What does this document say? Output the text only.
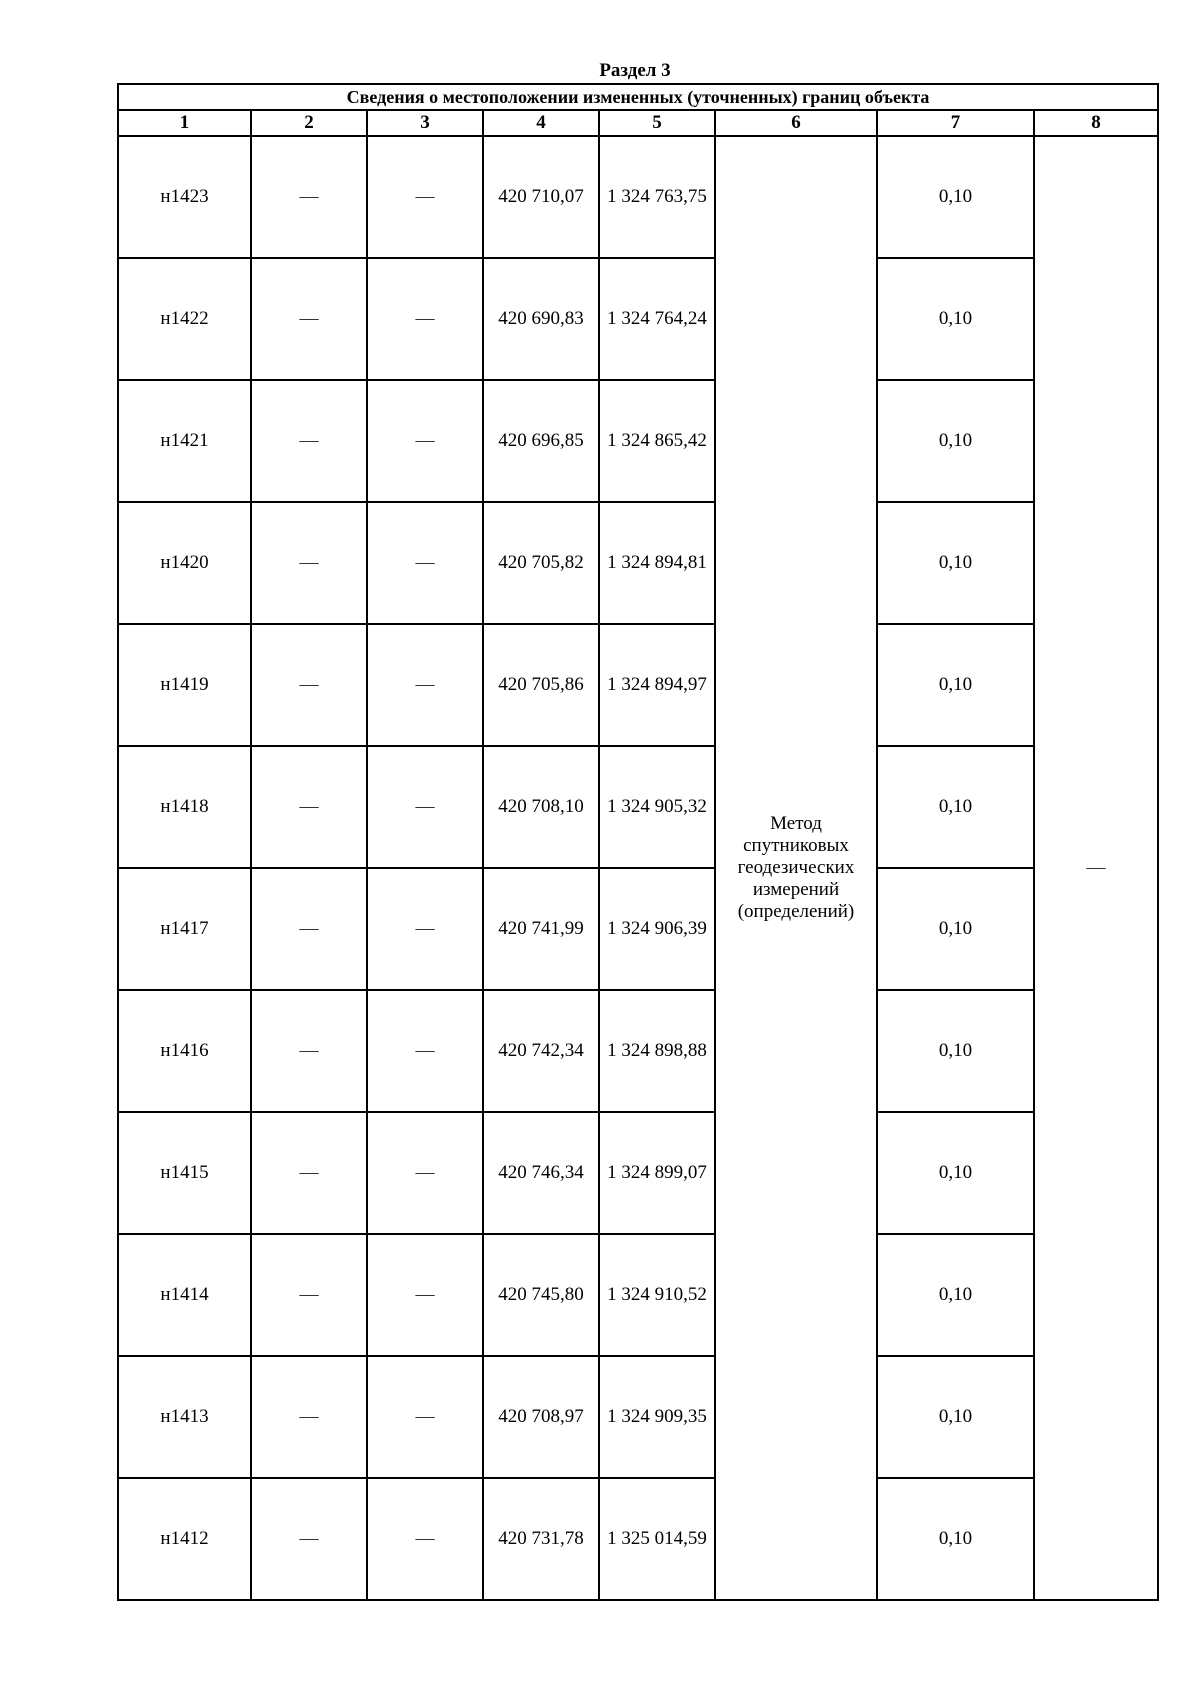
Раздел 3
Сведения о местоположении измененных (уточненных) границ объекта							
1	2	3	4	5	6	7	8
н1423	—	—	420 710,07	1 324 763,75	Метод
спутниковых
геодезических
измерений
(определений)	0,10	—
н1422	—	—	420 690,83	1 324 764,24		0,10	
н1421	—	—	420 696,85	1 324 865,42		0,10	
н1420	—	—	420 705,82	1 324 894,81		0,10	
н1419	—	—	420 705,86	1 324 894,97		0,10	
н1418	—	—	420 708,10	1 324 905,32		0,10	
н1417	—	—	420 741,99	1 324 906,39		0,10	
н1416	—	—	420 742,34	1 324 898,88		0,10	
н1415	—	—	420 746,34	1 324 899,07		0,10	
н1414	—	—	420 745,80	1 324 910,52		0,10	
н1413	—	—	420 708,97	1 324 909,35		0,10	
н1412	—	—	420 731,78	1 325 014,59		0,10	
